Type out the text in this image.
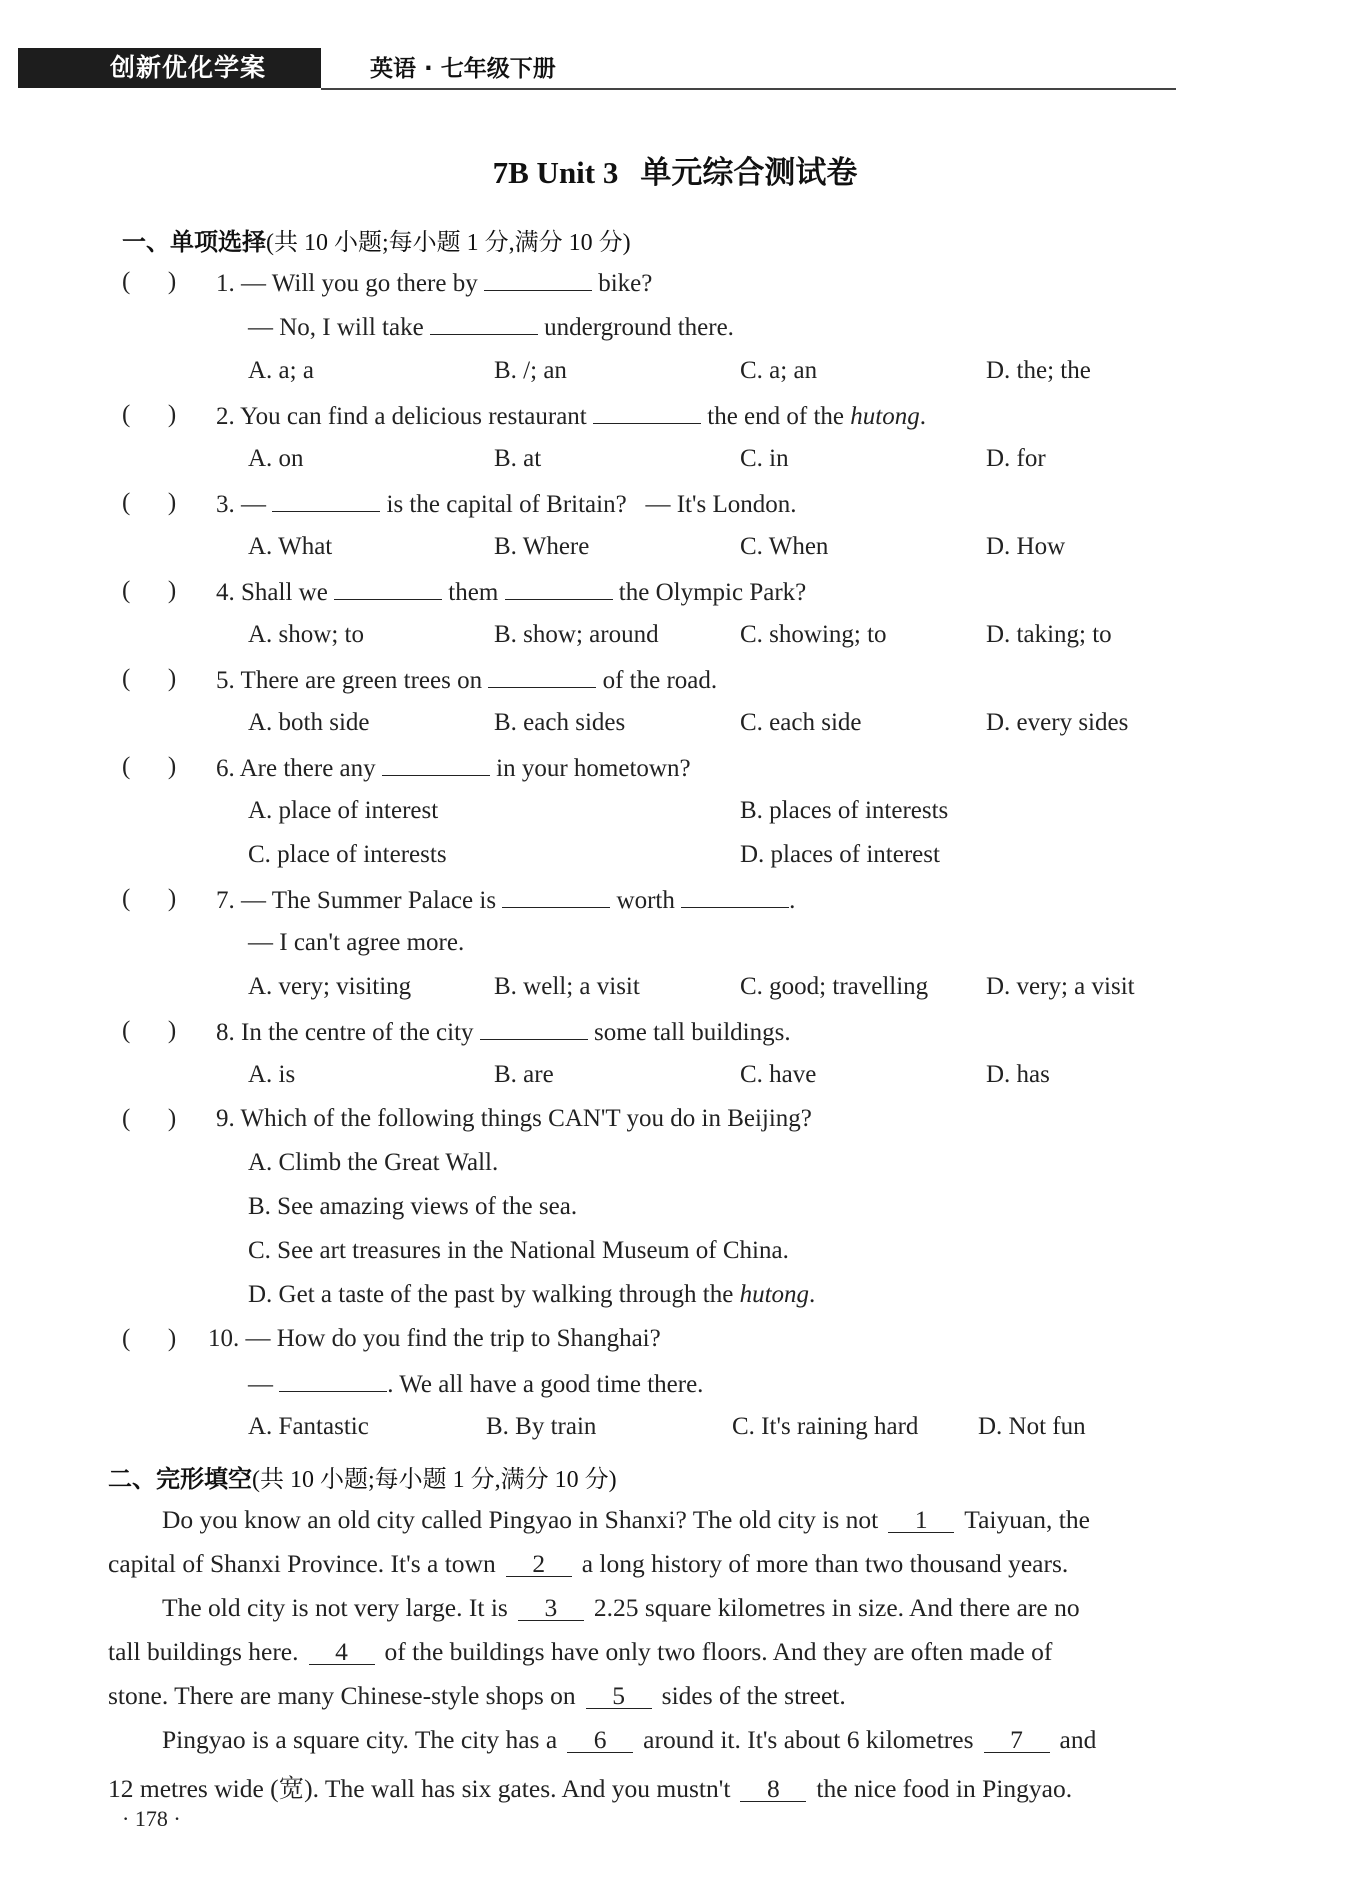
创新优化学案	英语 · 七年级下册
7B Unit 3 单元综合测试卷
一、单项选择(共 10 小题;每小题 1 分,满分 10 分)
(      ) 1. — Will you go there by	bike?
— No, I will take	underground there.
A. a; a	B. /; an	C. a; an	D. the; the
(      ) 2. You can find a delicious restaurant	the end of the hutong.
A. on	B. at	C. in	D. for
(      ) 3. —	is the capital of Britain?   — It's London.
A. What	B. Where	C. When	D. How
(      ) 4. Shall we	them	the Olympic Park?
A. show; to	B. show; around	C. showing; to	D. taking; to
(      ) 5. There are green trees on	of the road.
A. both side	B. each sides	C. each side	D. every sides
(      ) 6. Are there any	in your hometown?
A. place of interest	B. places of interests
C. place of interests	D. places of interest
(      ) 7. — The Summer Palace is	worth	.
— I can't agree more.
A. very; visiting	B. well; a visit	C. good; travelling D. very; a visit
(      ) 8. In the centre of the city	some tall buildings.
A. is	B. are	C. have	D. has
(      ) 9. Which of the following things CAN'T you do in Beijing?
A. Climb the Great Wall.
B. See amazing views of the sea.
C. See art treasures in the National Museum of China.
D. Get a taste of the past by walking through the hutong.
(      ) 10. — How do you find the trip to Shanghai?
—	. We all have a good time there.
A. Fantastic	B. By train	C. It's raining hard D. Not fun
二、完形填空(共 10 小题;每小题 1 分,满分 10 分)
Do you know an old city called Pingyao in Shanxi? The old city is not 1 Taiyuan, the
capital of Shanxi Province. It's a town 2 a long history of more than two thousand years.
The old city is not very large. It is 3 2.25 square kilometres in size. And there are no
tall buildings here. 4 of the buildings have only two floors. And they are often made of
stone. There are many Chinese-style shops on 5 sides of the street.
Pingyao is a square city. The city has a 6 around it. It's about 6 kilometres 7 and
12 metres wide (宽). The wall has six gates. And you mustn't 8 the nice food in Pingyao.
· 178 ·
